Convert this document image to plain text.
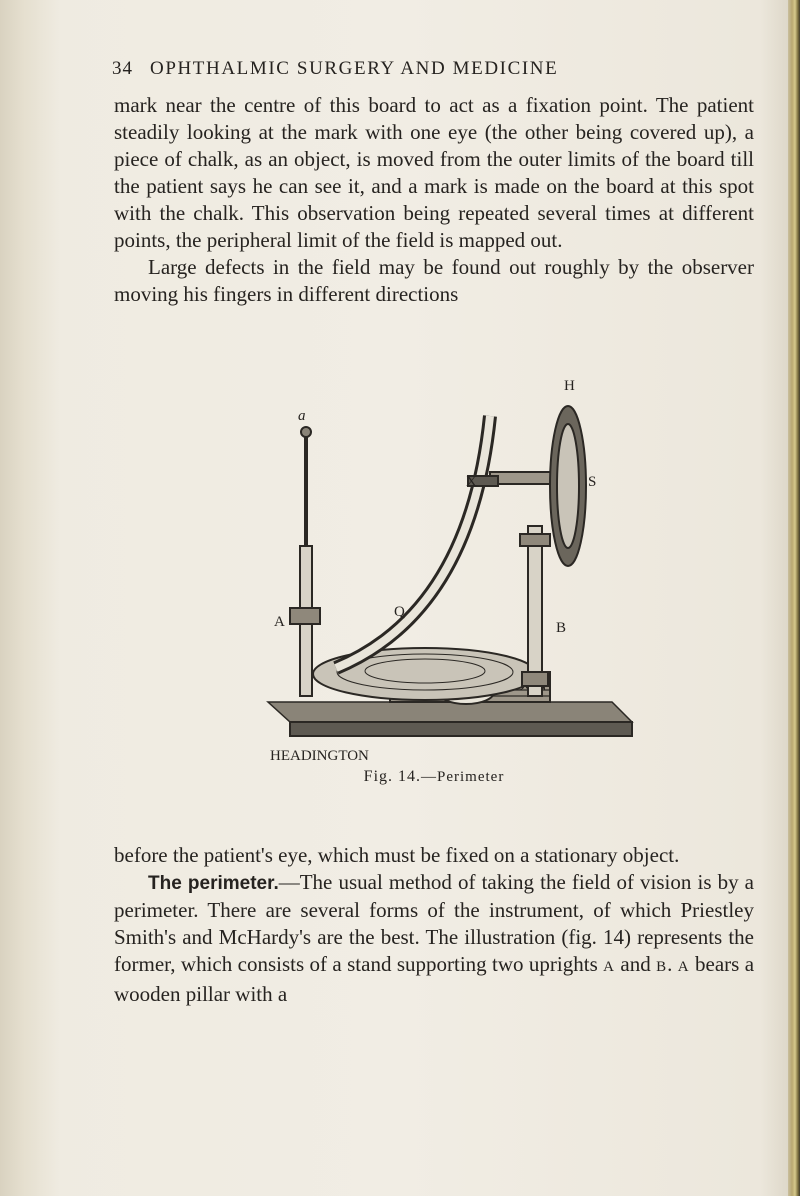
34 OPHTHALMIC SURGERY AND MEDICINE

mark near the centre of this board to act as a fixation point. The patient steadily looking at the mark with one eye (the other being covered up), a piece of chalk, as an object, is moved from the outer limits of the board till the patient says he can see it, and a mark is made on the board at this spot with the chalk. This observation being repeated several times at different points, the peripheral limit of the field is mapped out.

Large defects in the field may be found out roughly by the observer moving his fingers in different directions

H
X	S
a
A
Q
B
HEADINGTON
Fig. 14.—Perimeter

before the patient's eye, which must be fixed on a stationary object.

The perimeter.—The usual method of taking the field of vision is by a perimeter. There are several forms of the instrument, of which Priestley Smith's and McHardy's are the best. The illustration (fig. 14) represents the former, which consists of a stand supporting two uprights A and B. A bears a wooden pillar with a
